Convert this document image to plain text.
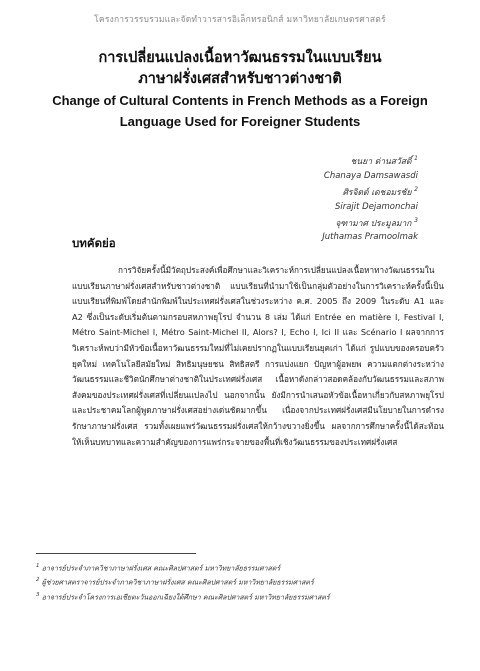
โครงการวรรบรวมและจัดทำวารสารอิเล็กทรอนิกส์ มหาวิทยาลัยเกษตรศาสตร์
การเปลี่ยนแปลงเนื้อหาวัฒนธรรมในแบบเรียน
ภาษาฝรั่งเศสสำหรับชาวต่างชาติ
Change of Cultural Contents in French Methods as a Foreign
Language Used for Foreigner Students
ชนยา ด่านสวัสดิ์ $^1$
Chanaya Damsawasdi
ศิรจิตต์ เดชอมรชัย $^2$
Sirajit Dejamonchai
จุฑามาศ ประมูลมาก $^3$
Juthamas Pramoolmak
บทคัดย่อ

การวิจัยครั้งนี้มีวัตถุประสงค์เพื่อศึกษาและวิเคราะห์การเปลี่ยนแปลงเนื้อหาทางวัฒนธรรมในแบบเรียนภาษาฝรั่งเศสสำหรับชาวต่างชาติ แบบเรียนที่นำมาใช้เป็นกลุ่มตัวอย่างในการวิเคราะห์ครั้งนี้เป็นแบบเรียนที่พิมพ์โดยสำนักพิมพ์ในประเทศฝรั่งเศสในช่วงระหว่าง ค.ศ. 2005 ถึง 2009 ในระดับ A1 และ A2 ซึ่งเป็นระดับเริ่มต้นตามกรอบสหภาพยุโรป จำนวน 8 เล่ม ได้แก่ Entrée en matière I, Festival I, Métro Saint-Michel I, Métro Saint-Michel II, Alors? I, Echo I, Ici II และ Scénario I ผลจากการวิเคราะห์พบว่ามีหัวข้อเนื้อหาวัฒนธรรมใหม่ที่ไม่เคยปรากฏในแบบเรียนยุคเก่า ได้แก่ รูปแบบของครอบครัวยุคใหม่ เทคโนโลยีสมัยใหม่ สิทธิมนุษยชน สิทธิสตรี การแบ่งแยก ปัญหาผู้อพยพ ความแตกต่างระหว่างวัฒนธรรมและชีวิตนักศึกษาต่างชาติในประเทศฝรั่งเศส เนื้อหาดังกล่าวสอดคล้องกับวัฒนธรรมและสภาพสังคมของประเทศฝรั่งเศสที่เปลี่ยนแปลงไป นอกจากนั้น ยังมีการนำเสนอหัวข้อเนื้อหาเกี่ยวกับสหภาพยุโรปและประชาคมโลกผู้พูดภาษาฝรั่งเศสอย่างเด่นชัดมากขึ้น เนื่องจากประเทศฝรั่งเศสมีนโยบายในการดำรงรักษาภาษาฝรั่งเศส รวมทั้งเผยแพร่วัฒนธรรมฝรั่งเศสให้กว้างขวางยิ่งขึ้น ผลจากการศึกษาครั้งนี้ได้สะท้อนให้เห็นบทบาทและความสำคัญของการแพร่กระจายของพื้นที่เชิงวัฒนธรรมของประเทศฝรั่งเศส

$^1$ อาจารย์ประจำภาควิชาภาษาฝรั่งเศส คณะศิลปศาสตร์ มหาวิทยาลัยธรรมศาสตร์
$^2$ ผู้ช่วยศาสตราจารย์ประจำภาควิชาภาษาฝรั่งเศส คณะศิลปศาสตร์ มหาวิทยาลัยธรรมศาสตร์
$^3$ อาจารย์ประจำโครงการเอเชียตะวันออกเฉียงใต้ศึกษา คณะศิลปศาสตร์ มหาวิทยาลัยธรรมศาสตร์
